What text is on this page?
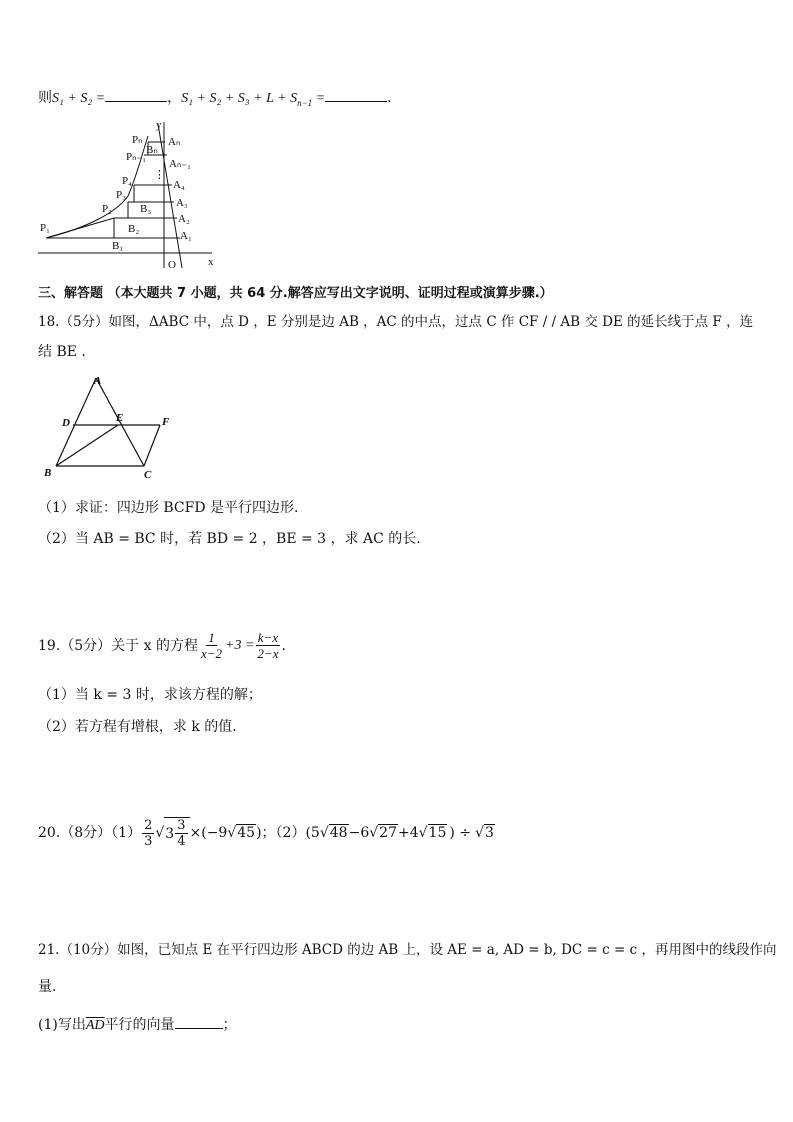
则S₁ + S₂ =	，$S_1 + S_2 + S_3 + L + S_{n-1}$ =	.
y
x
O
P₁
P₂
P₃
P₄
Pₙ₋₁
Pₙ
A₁
A₂
A₃
A₄
Aₙ₋₁
Aₙ
B₁
B₂
B₃
Bₙ
⋮
三、解答题 （本大题共 7 小题，共 64 分.解答应写出文字说明、证明过程或演算步骤.）
18.（5分）如图，ΔABC 中，点 D ，E 分别是边 AB ，AC 的中点，过点 C 作 CF / / AB 交 DE 的延长线于点 F ，连
结 BE .
A
B	C
D	E	F
（1）求证：四边形 BCFD 是平行四边形.
（2）当 AB = BC 时，若 BD = 2 ，BE = 3 ，求 AC 的长.
19.（5分）关于 x 的方程 $\frac{1}{x-2} +3 = \frac{k-x}{2-x}$ .
（1）当 k = 3 时，求该方程的解；
（2）若方程有增根，求 k 的值.
20.（8分）$(1) \frac{2}{3}$ √ $3 \frac{3}{4} \times(-9$ √45 )；（2） (5 √48 −6 √27 +4 √15 ) ÷ √3
21.（10分）如图，已知点 E 在平行四边形 ABCD 的边 AB 上，设 AE = a, AD = b, DC = c = c ，再用图中的线段作向
量.
(1)写出$\overline{AD}$平行的向量	；
